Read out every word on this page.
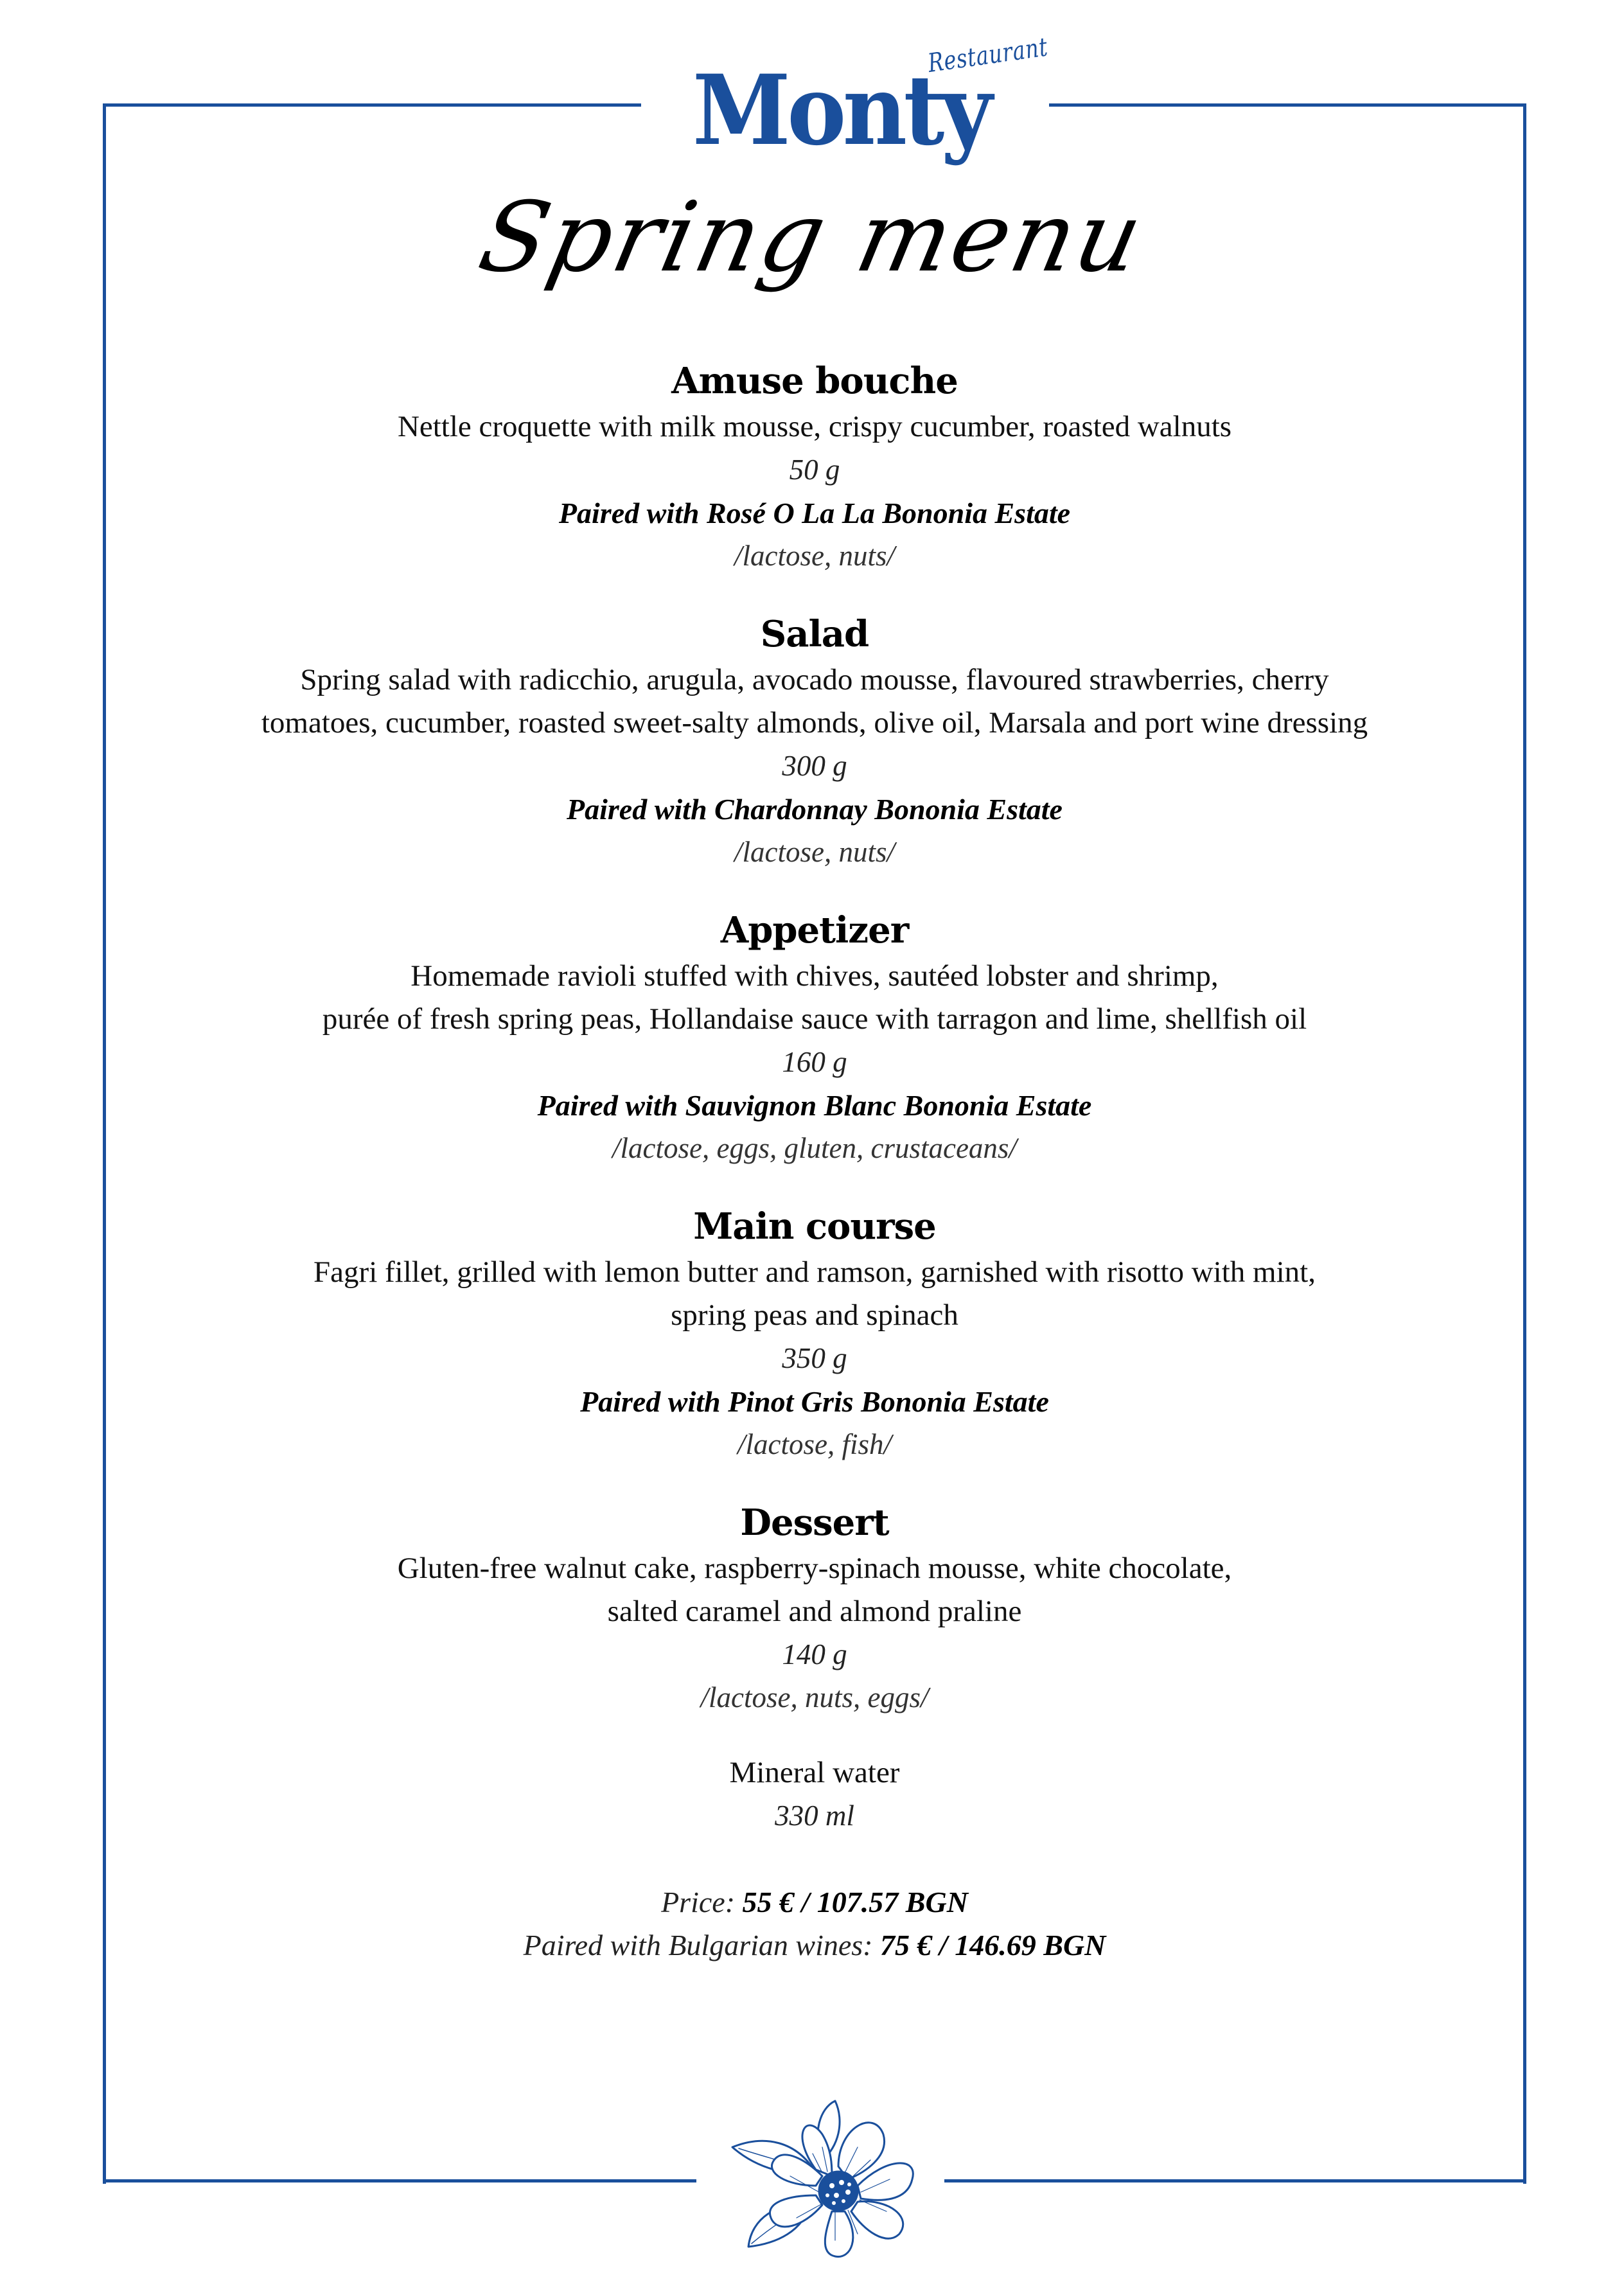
Monty
Restaurant
Spring menu
Amuse bouche
Nettle croquette with milk mousse, crispy cucumber, roasted walnuts
50 g
Paired with Rosé O La La Bononia Estate
/lactose, nuts/
Salad
Spring salad with radicchio, arugula, avocado mousse, flavoured strawberries, cherry
tomatoes, cucumber, roasted sweet-salty almonds, olive oil, Marsala and port wine dressing
300 g
Paired with Chardonnay Bononia Estate
/lactose, nuts/
Appetizer
Homemade ravioli stuffed with chives, sautéed lobster and shrimp,
purée of fresh spring peas, Hollandaise sauce with tarragon and lime, shellfish oil
160 g
Paired with Sauvignon Blanc Bononia Estate
/lactose, eggs, gluten, crustaceans/
Main course
Fagri fillet, grilled with lemon butter and ramson, garnished with risotto with mint,
spring peas and spinach
350 g
Paired with Pinot Gris Bononia Estate
/lactose, fish/
Dessert
Gluten-free walnut cake, raspberry-spinach mousse, white chocolate,
salted caramel and almond praline
140 g
/lactose, nuts, eggs/
Mineral water
330 ml
Price: 55 € / 107.57 BGN
Paired with Bulgarian wines: 75 € / 146.69 BGN
